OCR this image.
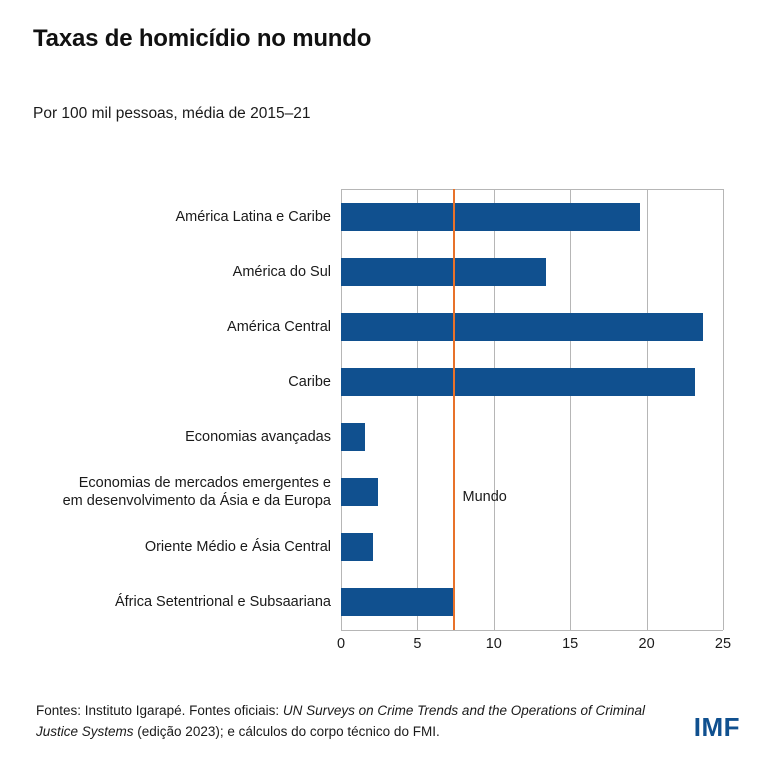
Taxas de homicídio no mundo
Por 100 mil pessoas, média de 2015–21
América Latina e Caribe
América do Sul
América Central
Caribe
Economias avançadas
Economias de mercados emergentes e
em desenvolvimento da Ásia e da Europa
Oriente Médio e Ásia Central
África Setentrional e Subsaariana
Mundo
0	5	10	15	20	25
Fontes: Instituto Igarapé. Fontes oficiais: UN Surveys on Crime Trends and the Operations of Criminal Justice Systems (edição 2023); e cálculos do corpo técnico do FMI.	IMF
